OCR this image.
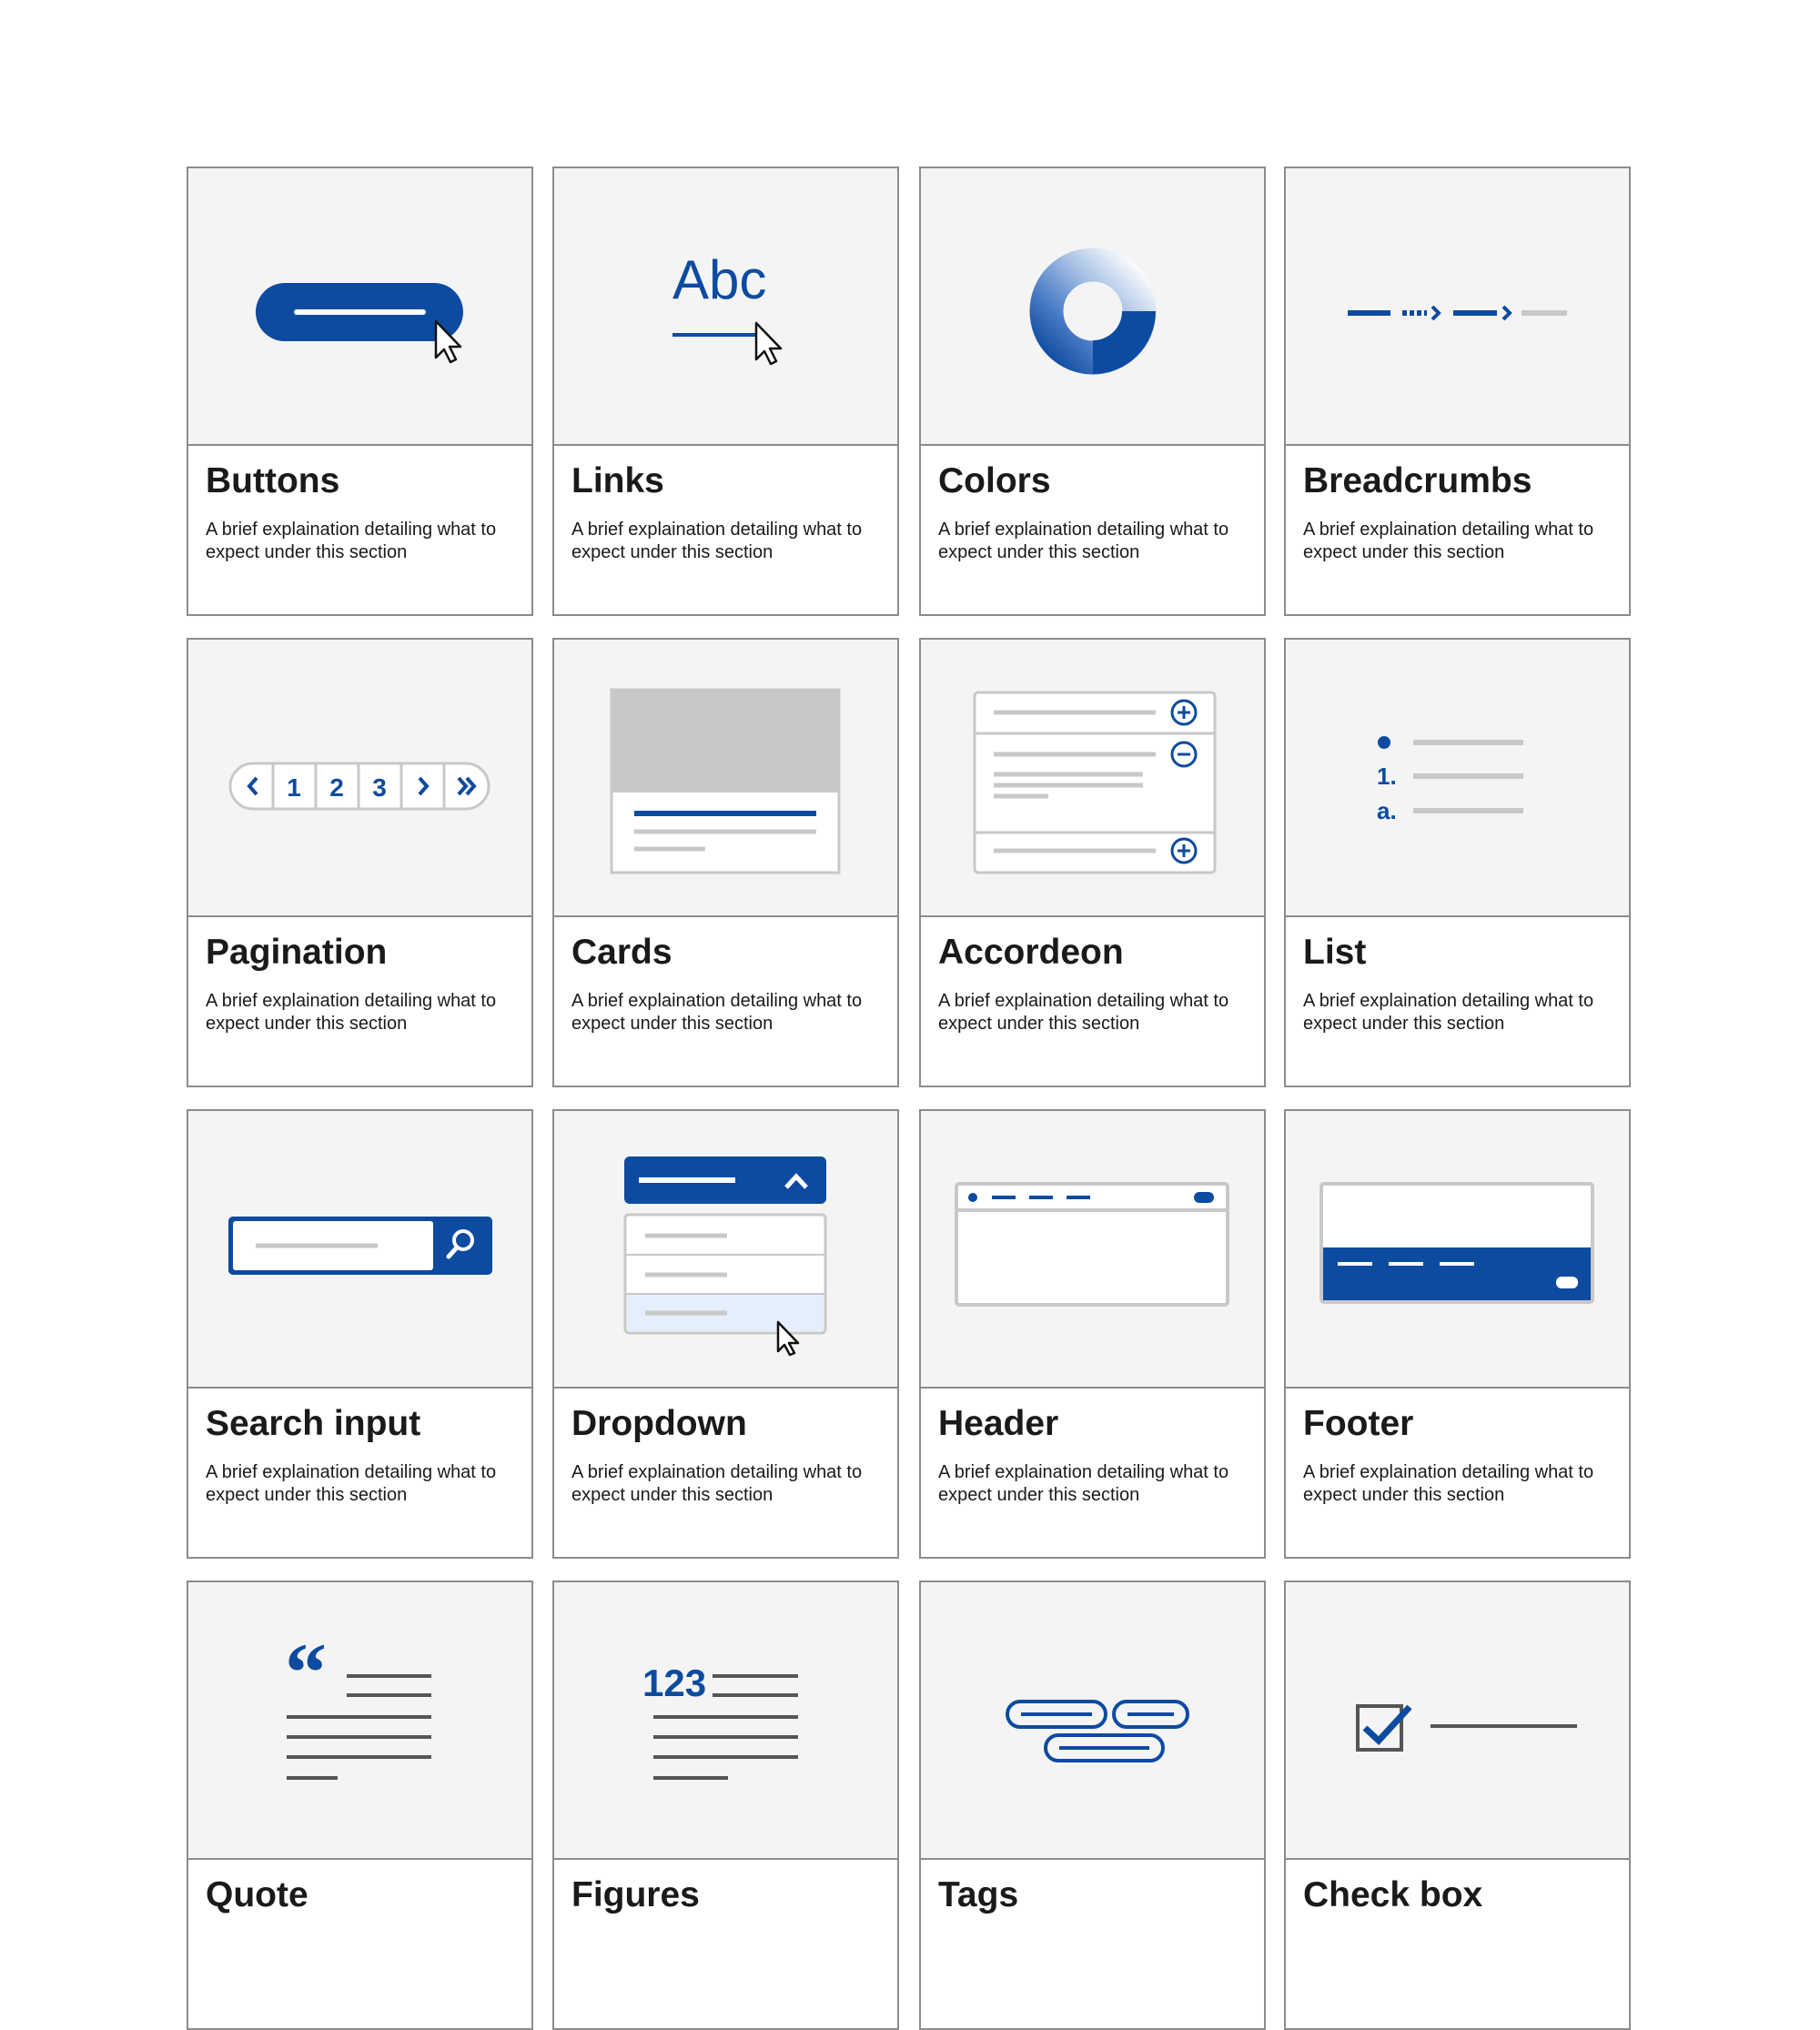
Buttons
A brief explaination detailing what to expect under this section
Abc
Links
A brief explaination detailing what to expect under this section
Colors
A brief explaination detailing what to expect under this section
Breadcrumbs
A brief explaination detailing what to expect under this section
1 2 3
Pagination
A brief explaination detailing what to expect under this section
Cards
A brief explaination detailing what to expect under this section
Accordeon
A brief explaination detailing what to expect under this section
1.
a.
List
A brief explaination detailing what to expect under this section
Search input
A brief explaination detailing what to expect under this section
Dropdown
A brief explaination detailing what to expect under this section
Header
A brief explaination detailing what to expect under this section
Footer
A brief explaination detailing what to expect under this section
“
Quote
123
Figures	Tags	Check box
